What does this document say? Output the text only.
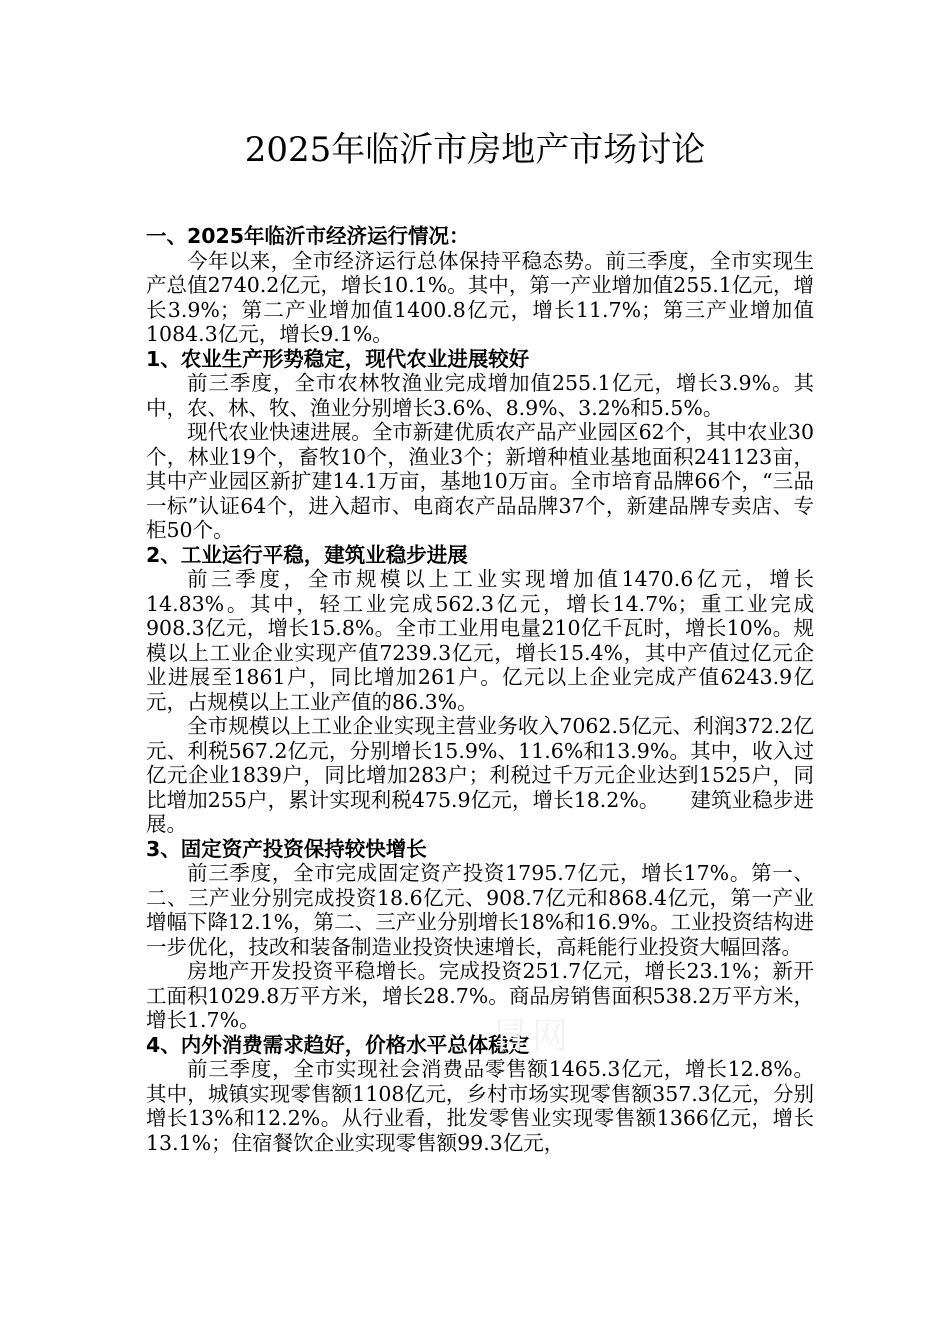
2025年临沂市房地产市场讨论

一、2025年临沂市经济运行情况：

今年以来，全市经济运行总体保持平稳态势。前三季度，全市实现生产总值2740.2亿元，增长10.1%。其中，第一产业增加值255.1亿元，增长3.9%；第二产业增加值1400.8亿元，增长11.7%；第三产业增加值1084.3亿元，增长9.1%。

1、农业生产形势稳定，现代农业进展较好

前三季度，全市农林牧渔业完成增加值255.1亿元，增长3.9%。其中，农、林、牧、渔业分别增长3.6%、8.9%、3.2%和5.5%。

现代农业快速进展。全市新建优质农产品产业园区62个，其中农业30个，林业19个，畜牧10个，渔业3个；新增种植业基地面积241123亩，其中产业园区新扩建14.1万亩，基地10万亩。全市培育品牌66个，“三品一标”认证64个，进入超市、电商农产品品牌37个，新建品牌专卖店、专柜50个。

2、工业运行平稳，建筑业稳步进展

前三季度，全市规模以上工业实现增加值1470.6亿元，增长14.83%。其中，轻工业完成562.3亿元，增长14.7%；重工业完成908.3亿元，增长15.8%。全市工业用电量210亿千瓦时，增长10%。规模以上工业企业实现产值7239.3亿元，增长15.4%，其中产值过亿元企业进展至1861户，同比增加261户。亿元以上企业完成产值6243.9亿元，占规模以上工业产值的86.3%。

全市规模以上工业企业实现主营业务收入7062.5亿元、利润372.2亿元、利税567.2亿元，分别增长15.9%、11.6%和13.9%。其中，收入过亿元企业1839户，同比增加283户；利税过千万元企业达到1525户，同比增加255户，累计实现利税475.9亿元，增长18.2%。　　建筑业稳步进展。

3、固定资产投资保持较快增长

前三季度，全市完成固定资产投资1795.7亿元，增长17%。第一、二、三产业分别完成投资18.6亿元、908.7亿元和868.4亿元，第一产业增幅下降12.1%，第二、三产业分别增长18%和16.9%。工业投资结构进一步优化，技改和装备制造业投资快速增长，高耗能行业投资大幅回落。

房地产开发投资平稳增长。完成投资251.7亿元，增长23.1%；新开工面积1029.8万平方米，增长28.7%。商品房销售面积538.2万平方米，增长1.7%。

4、内外消费需求趋好，价格水平总体稳定

前三季度，全市实现社会消费品零售额1465.3亿元，增长12.8%。其中，城镇实现零售额1108亿元，乡村市场实现零售额357.3亿元，分别增长13%和12.2%。从行业看，批发零售业实现零售额1366亿元，增长13.1%；住宿餐饮企业实现零售额99.3亿元，

冒网
